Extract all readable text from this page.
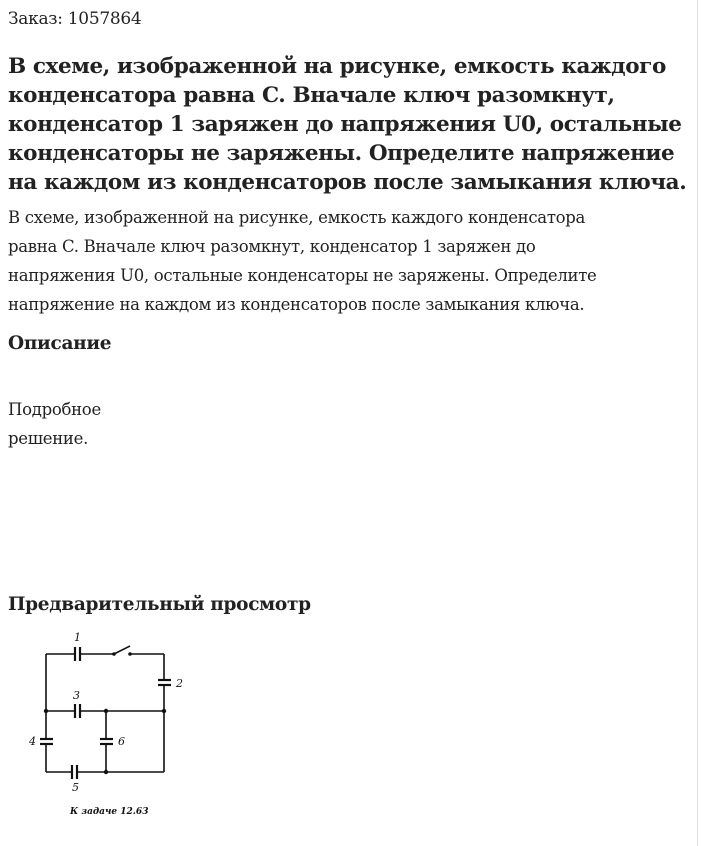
Заказ: 1057864
В схеме, изображенной на рисунке, емкость каждого
конденсатора равна C. Вначале ключ разомкнут,
конденсатор 1 заряжен до напряжения U0, остальные
конденсаторы не заряжены. Определите напряжение
на каждом из конденсаторов после замыкания ключа.

В схеме, изображенной на рисунке, емкость каждого конденсатора
равна C. Вначале ключ разомкнут, конденсатор 1 заряжен до
напряжения U0, остальные конденсаторы не заряжены. Определите
напряжение на каждом из конденсаторов после замыкания ключа.

Описание

Подробное
решение.

Предварительный просмотр
1
2
3
4
5
6
К задаче 12.63
